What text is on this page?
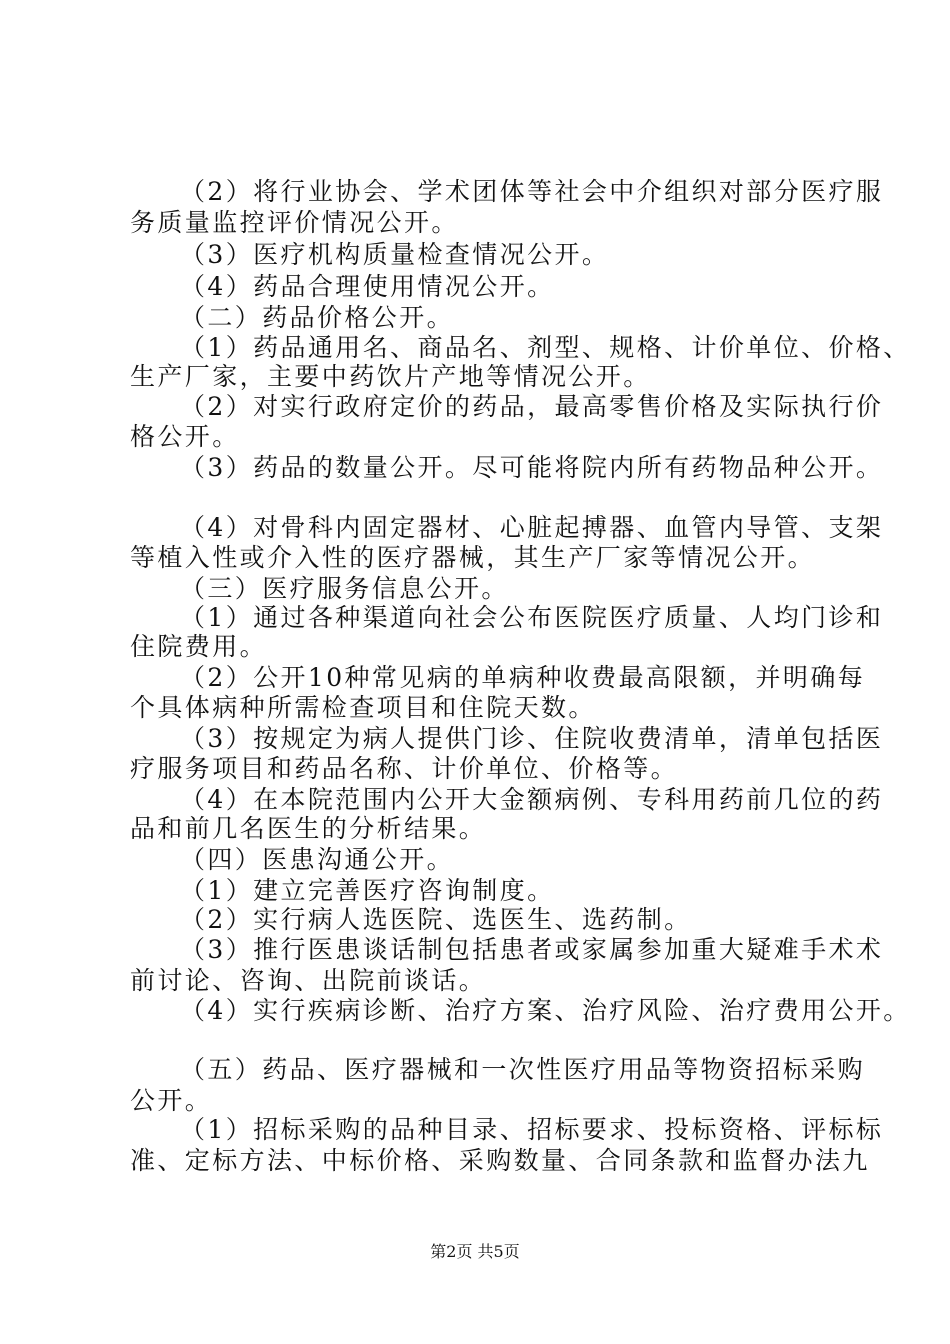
（2）将行业协会、学术团体等社会中介组织对部分医疗服
务质量监控评价情况公开。
（3）医疗机构质量检查情况公开。
（4）药品合理使用情况公开。
（二）药品价格公开。
（1）药品通用名、商品名、剂型、规格、计价单位、价格、
生产厂家，主要中药饮片产地等情况公开。
（2）对实行政府定价的药品，最高零售价格及实际执行价
格公开。
（3）药品的数量公开。尽可能将院内所有药物品种公开。
（4）对骨科内固定器材、心脏起搏器、血管内导管、支架
等植入性或介入性的医疗器械，其生产厂家等情况公开。
（三）医疗服务信息公开。
（1）通过各种渠道向社会公布医院医疗质量、人均门诊和
住院费用。
（2）公开10种常见病的单病种收费最高限额，并明确每
个具体病种所需检查项目和住院天数。
（3）按规定为病人提供门诊、住院收费清单，清单包括医
疗服务项目和药品名称、计价单位、价格等。
（4）在本院范围内公开大金额病例、专科用药前几位的药
品和前几名医生的分析结果。
（四）医患沟通公开。
（1）建立完善医疗咨询制度。
（2）实行病人选医院、选医生、选药制。
（3）推行医患谈话制包括患者或家属参加重大疑难手术术
前讨论、咨询、出院前谈话。
（4）实行疾病诊断、治疗方案、治疗风险、治疗费用公开。
（五）药品、医疗器械和一次性医疗用品等物资招标采购
公开。
（1）招标采购的品种目录、招标要求、投标资格、评标标
准、定标方法、中标价格、采购数量、合同条款和监督办法九
第2页 共5页
